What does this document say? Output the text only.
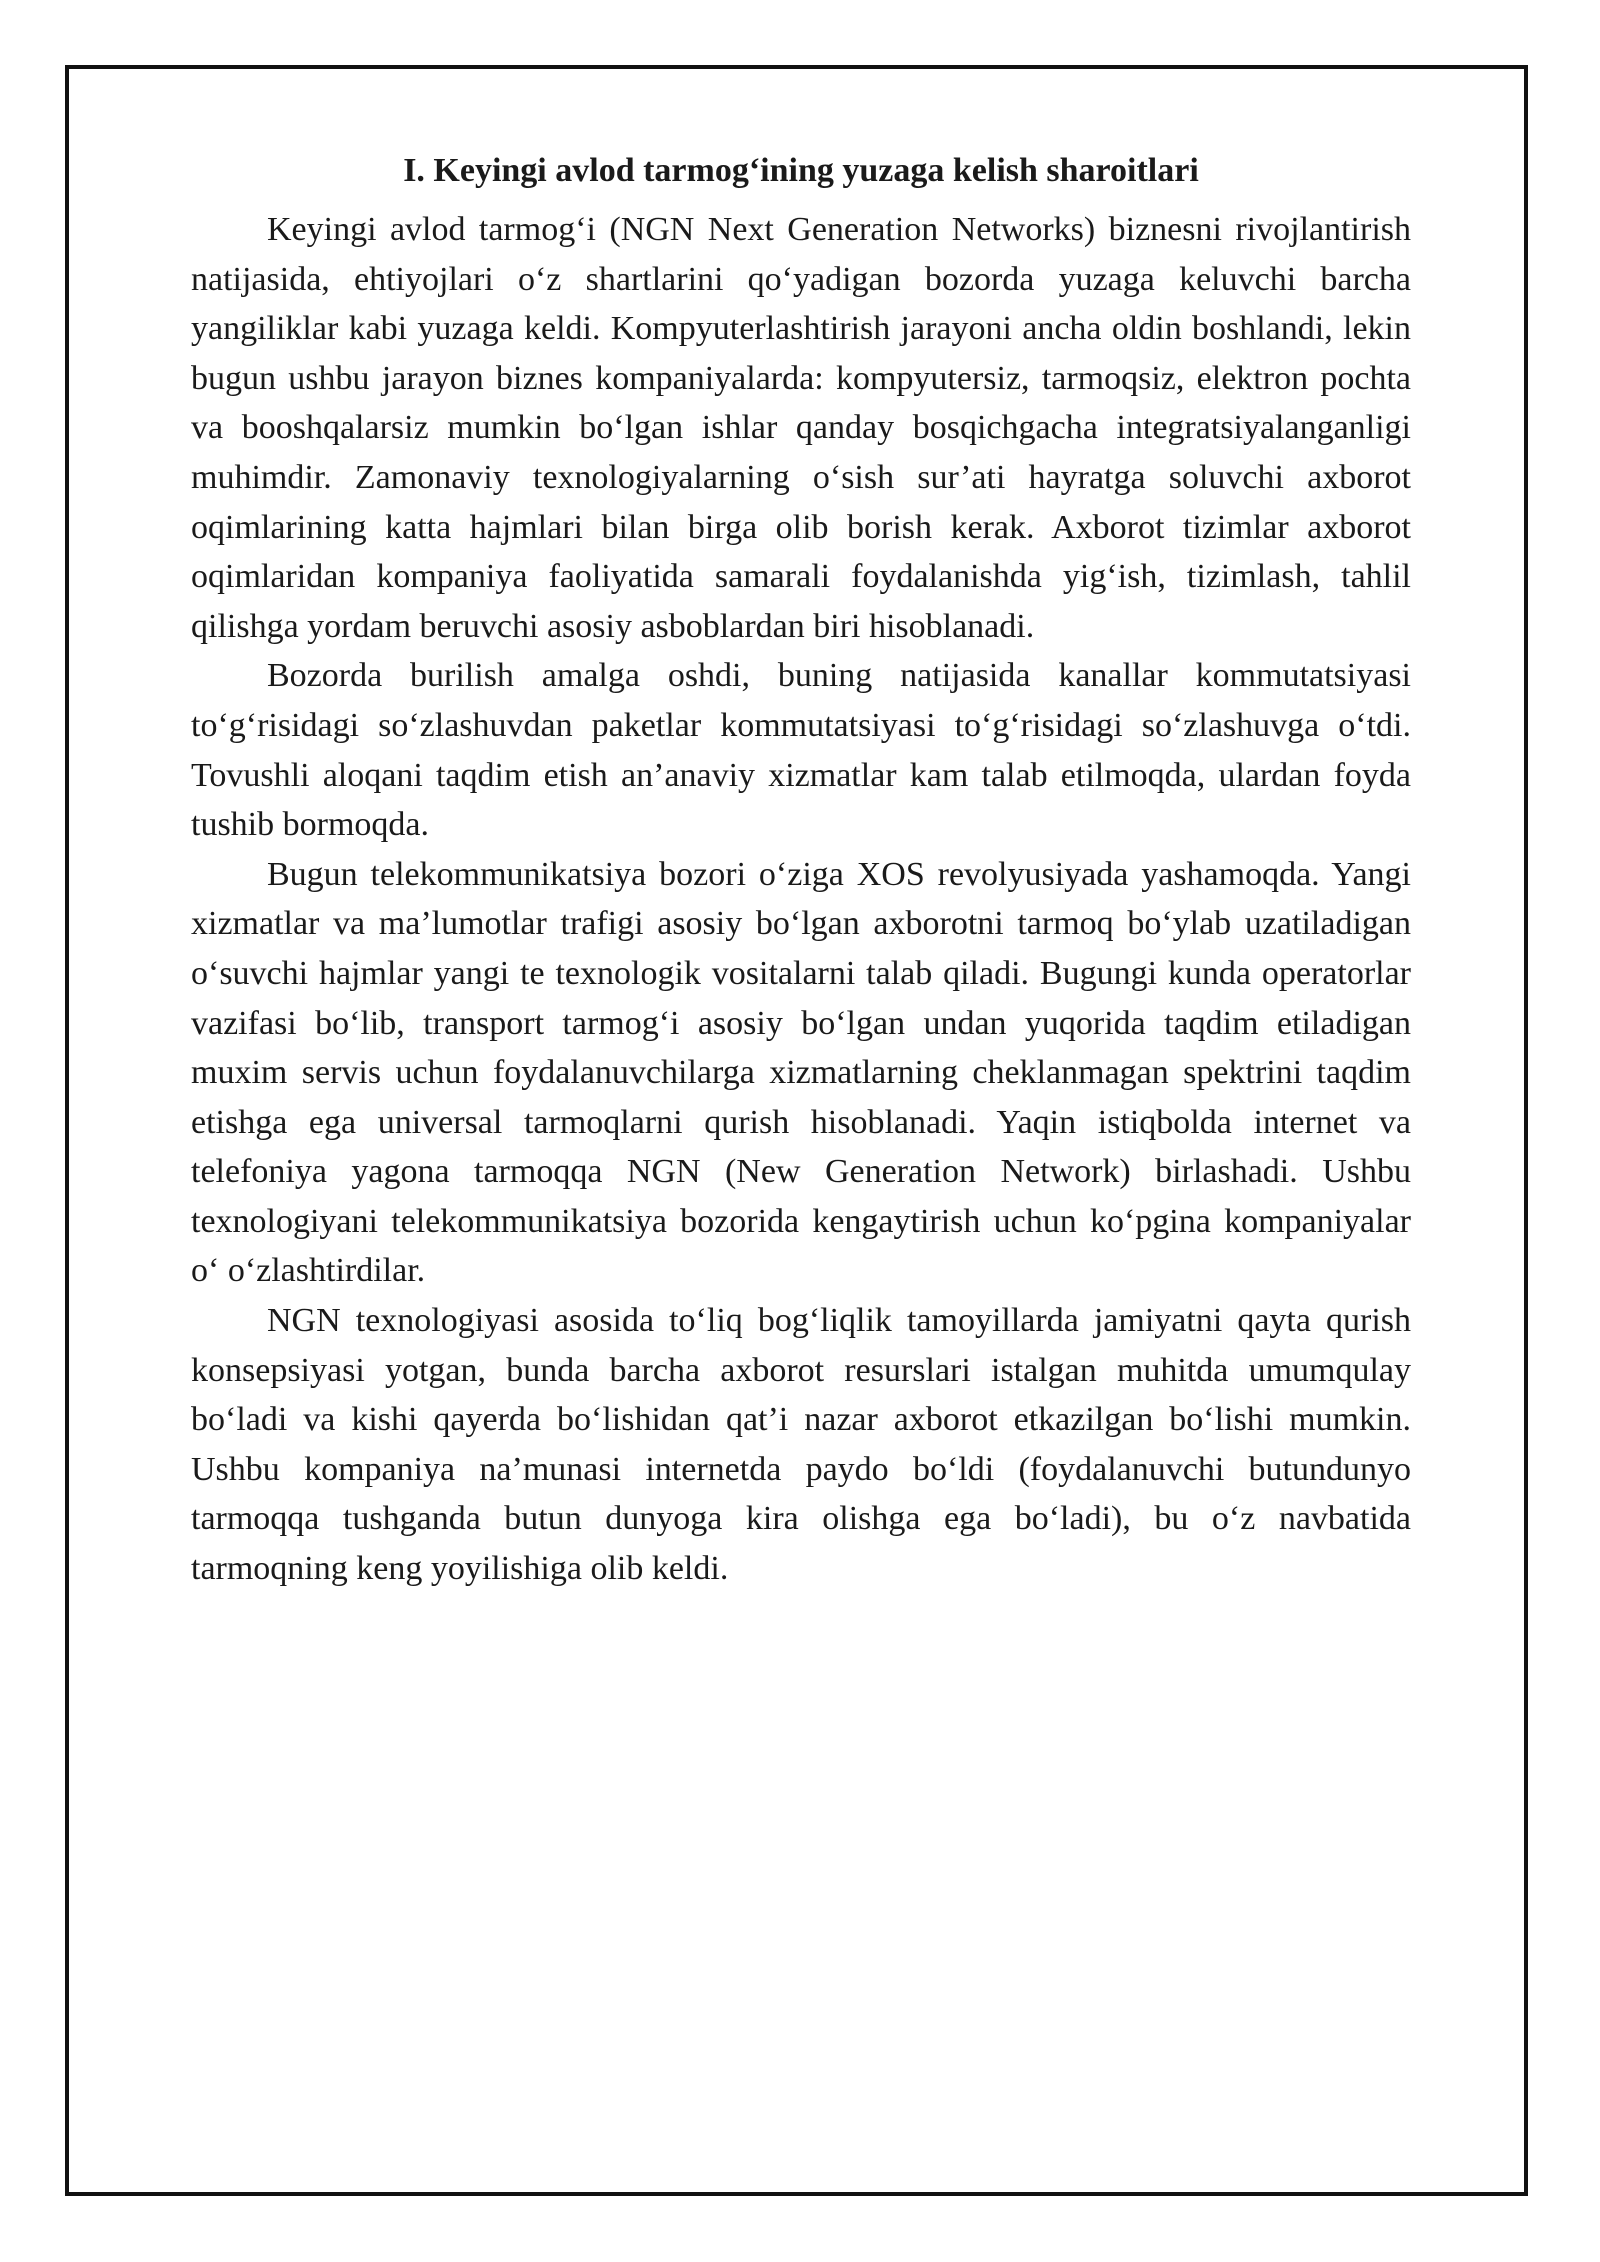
I. Keyingi avlod tarmog‘ining yuzaga kelish sharoitlari

Keyingi avlod tarmog‘i (NGN Next Generation Networks) biznesni rivojlantirish natijasida, ehtiyojlari o‘z shartlarini qo‘yadigan bozorda yuzaga keluvchi barcha yangiliklar kabi yuzaga keldi. Kompyuterlashtirish jarayoni ancha oldin boshlandi, lekin bugun ushbu jarayon biznes kompaniyalarda: kompyutersiz, tarmoqsiz, elektron pochta va booshqalarsiz mumkin bo‘lgan ishlar qanday bosqichgacha integratsiyalanganligi muhimdir. Zamonaviy texnologiyalarning o‘sish sur’ati hayratga soluvchi axborot oqimlarining katta hajmlari bilan birga olib borish kerak. Axborot tizimlar axborot oqimlaridan kompaniya faoliyatida samarali foydalanishda yig‘ish, tizimlash, tahlil qilishga yordam beruvchi asosiy asboblardan biri hisoblanadi.

Bozorda burilish amalga oshdi, buning natijasida kanallar kommutatsiyasi to‘g‘risidagi so‘zlashuvdan paketlar kommutatsiyasi to‘g‘risidagi so‘zlashuvga o‘tdi. Tovushli aloqani taqdim etish an’anaviy xizmatlar kam talab etilmoqda, ulardan foyda tushib bormoqda.

Bugun telekommunikatsiya bozori o‘ziga XOS revolyusiyada yashamoqda. Yangi xizmatlar va ma’lumotlar trafigi asosiy bo‘lgan axborotni tarmoq bo‘ylab uzatiladigan o‘suvchi hajmlar yangi te texnologik vositalarni talab qiladi. Bugungi kunda operatorlar vazifasi bo‘lib, transport tarmog‘i asosiy bo‘lgan undan yuqorida taqdim etiladigan muxim servis uchun foydalanuvchilarga xizmatlarning cheklanmagan spektrini taqdim etishga ega universal tarmoqlarni qurish hisoblanadi. Yaqin istiqbolda internet va telefoniya yagona tarmoqqa NGN (New Generation Network) birlashadi. Ushbu texnologiyani telekommunikatsiya bozorida kengaytirish uchun ko‘pgina kompaniyalar o‘ o‘zlashtirdilar.

NGN texnologiyasi asosida to‘liq bog‘liqlik tamoyillarda jamiyatni qayta qurish konsepsiyasi yotgan, bunda barcha axborot resurslari istalgan muhitda umumqulay bo‘ladi va kishi qayerda bo‘lishidan qat’i nazar axborot etkazilgan bo‘lishi mumkin. Ushbu kompaniya na’munasi internetda paydo bo‘ldi (foydalanuvchi butundunyo tarmoqqa tushganda butun dunyoga kira olishga ega bo‘ladi), bu o‘z navbatida tarmoqning keng yoyilishiga olib keldi.
